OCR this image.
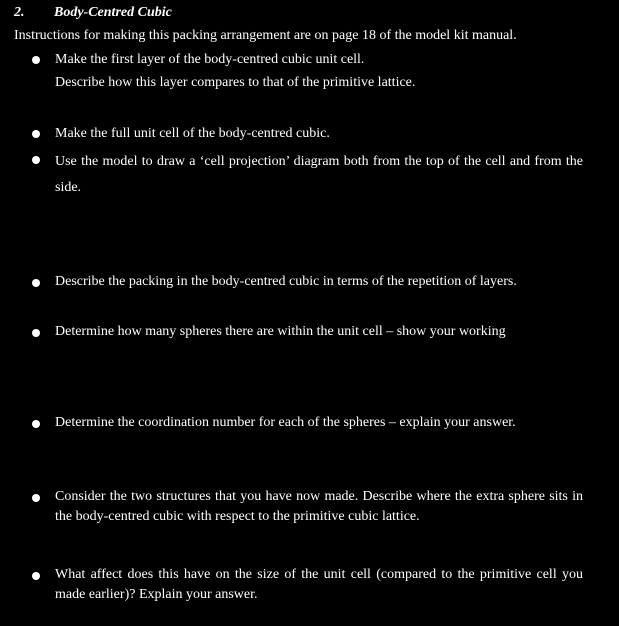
2. Body-Centred Cubic
Instructions for making this packing arrangement are on page 18 of the model kit manual.
Make the first layer of the body-centred cubic unit cell.
Describe how this layer compares to that of the primitive lattice.
Make the full unit cell of the body-centred cubic.
Use the model to draw a ‘cell projection’ diagram both from the top of the cell and from the side.
Describe the packing in the body-centred cubic in terms of the repetition of layers.
Determine how many spheres there are within the unit cell – show your working
Determine the coordination number for each of the spheres – explain your answer.
Consider the two structures that you have now made. Describe where the extra sphere sits in the body-centred cubic with respect to the primitive cubic lattice.
What affect does this have on the size of the unit cell (compared to the primitive cell you made earlier)? Explain your answer.
